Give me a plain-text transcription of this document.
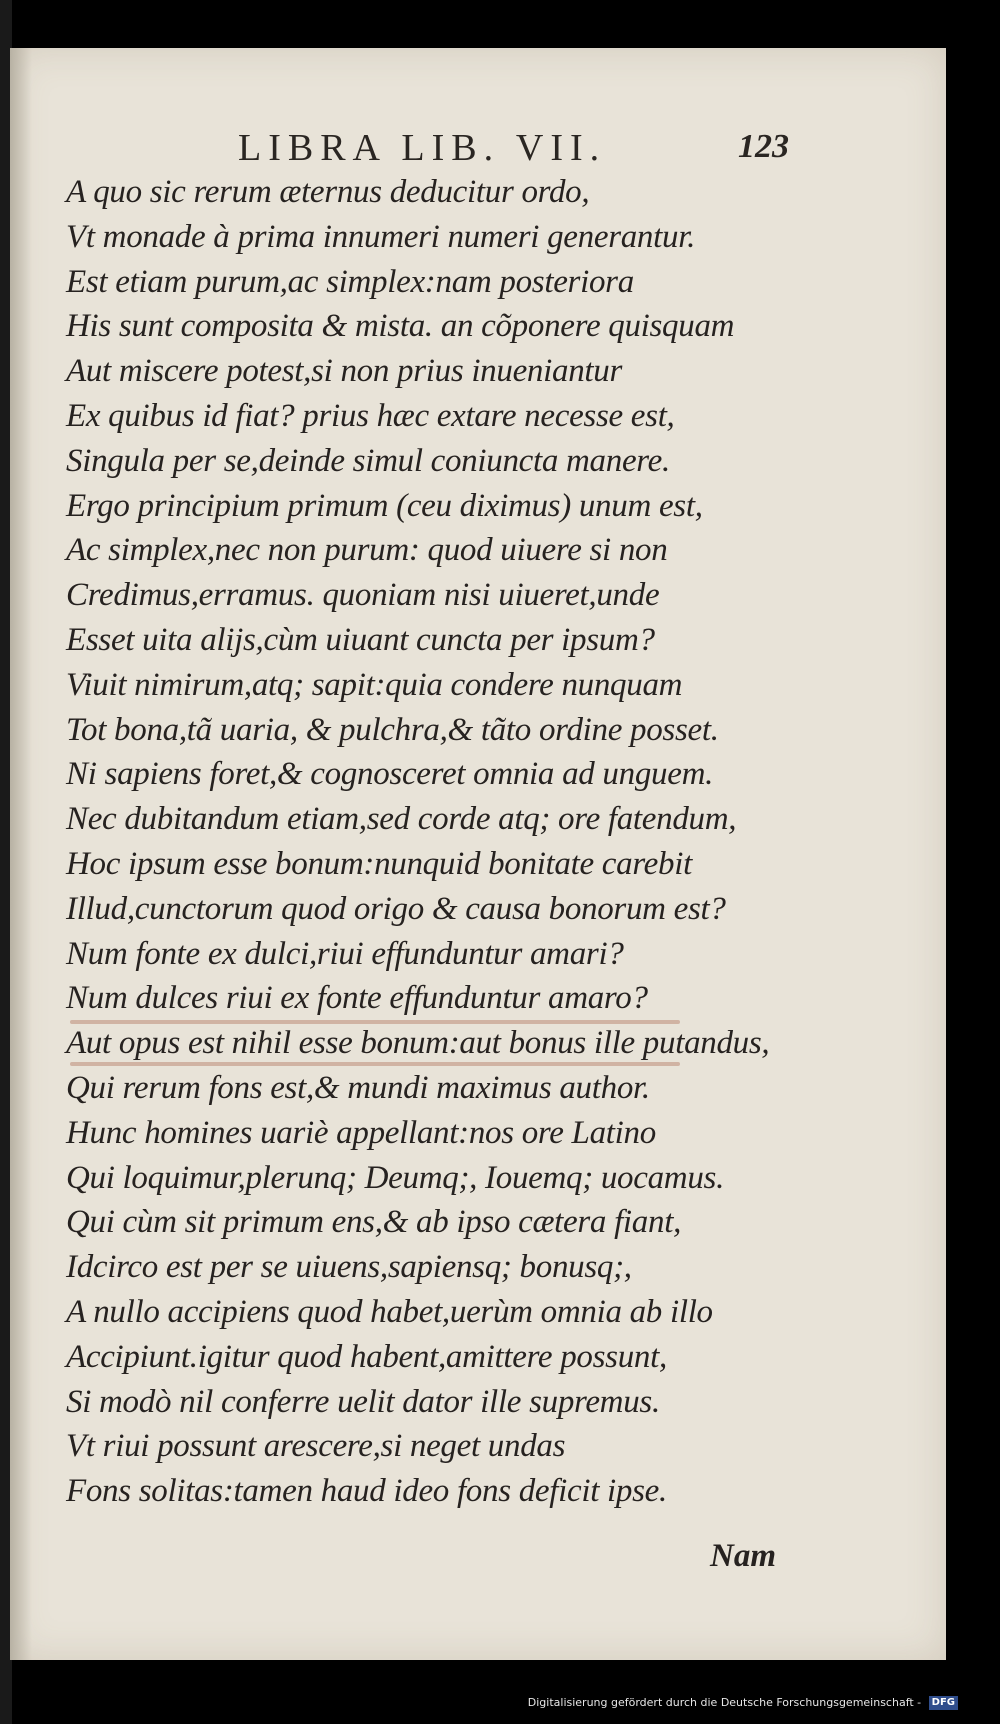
LIBRA LIB. VII.	123
A quo sic rerum æternus deducitur ordo,
Vt monade à prima innumeri numeri generantur.
Est etiam purum,ac simplex:nam posteriora
His sunt composita & mista. an cõponere quisquam
Aut miscere potest,si non prius inueniantur
Ex quibus id fiat? prius hæc extare necesse est,
Singula per se,deinde simul coniuncta manere.
Ergo principium primum (ceu diximus) unum est,
Ac simplex,nec non purum: quod uiuere si non
Credimus,erramus. quoniam nisi uiueret,unde
Esset uita alijs,cùm uiuant cuncta per ipsum?
Viuit nimirum,atq; sapit:quia condere nunquam
Tot bona,tã uaria, & pulchra,& tãto ordine posset.
Ni sapiens foret,& cognosceret omnia ad unguem.
Nec dubitandum etiam,sed corde atq; ore fatendum,
Hoc ipsum esse bonum:nunquid bonitate carebit
Illud,cunctorum quod origo & causa bonorum est?
Num fonte ex dulci,riui effunduntur amari?
Num dulces riui ex fonte effunduntur amaro?
Aut opus est nihil esse bonum:aut bonus ille putandus,
Qui rerum fons est,& mundi maximus author.
Hunc homines uariè appellant:nos ore Latino
Qui loquimur,plerunq; Deumq;, Iouemq; uocamus.
Qui cùm sit primum ens,& ab ipso cætera fiant,
Idcirco est per se uiuens,sapiensq; bonusq;,
A nullo accipiens quod habet,uerùm omnia ab illo
Accipiunt.igitur quod habent,amittere possunt,
Si modò nil conferre uelit dator ille supremus.
Vt riui possunt arescere,si neget undas
Fons solitas:tamen haud ideo fons deficit ipse.
Nam
Digitalisierung gefördert durch die Deutsche Forschungsgemeinschaft - DFG
